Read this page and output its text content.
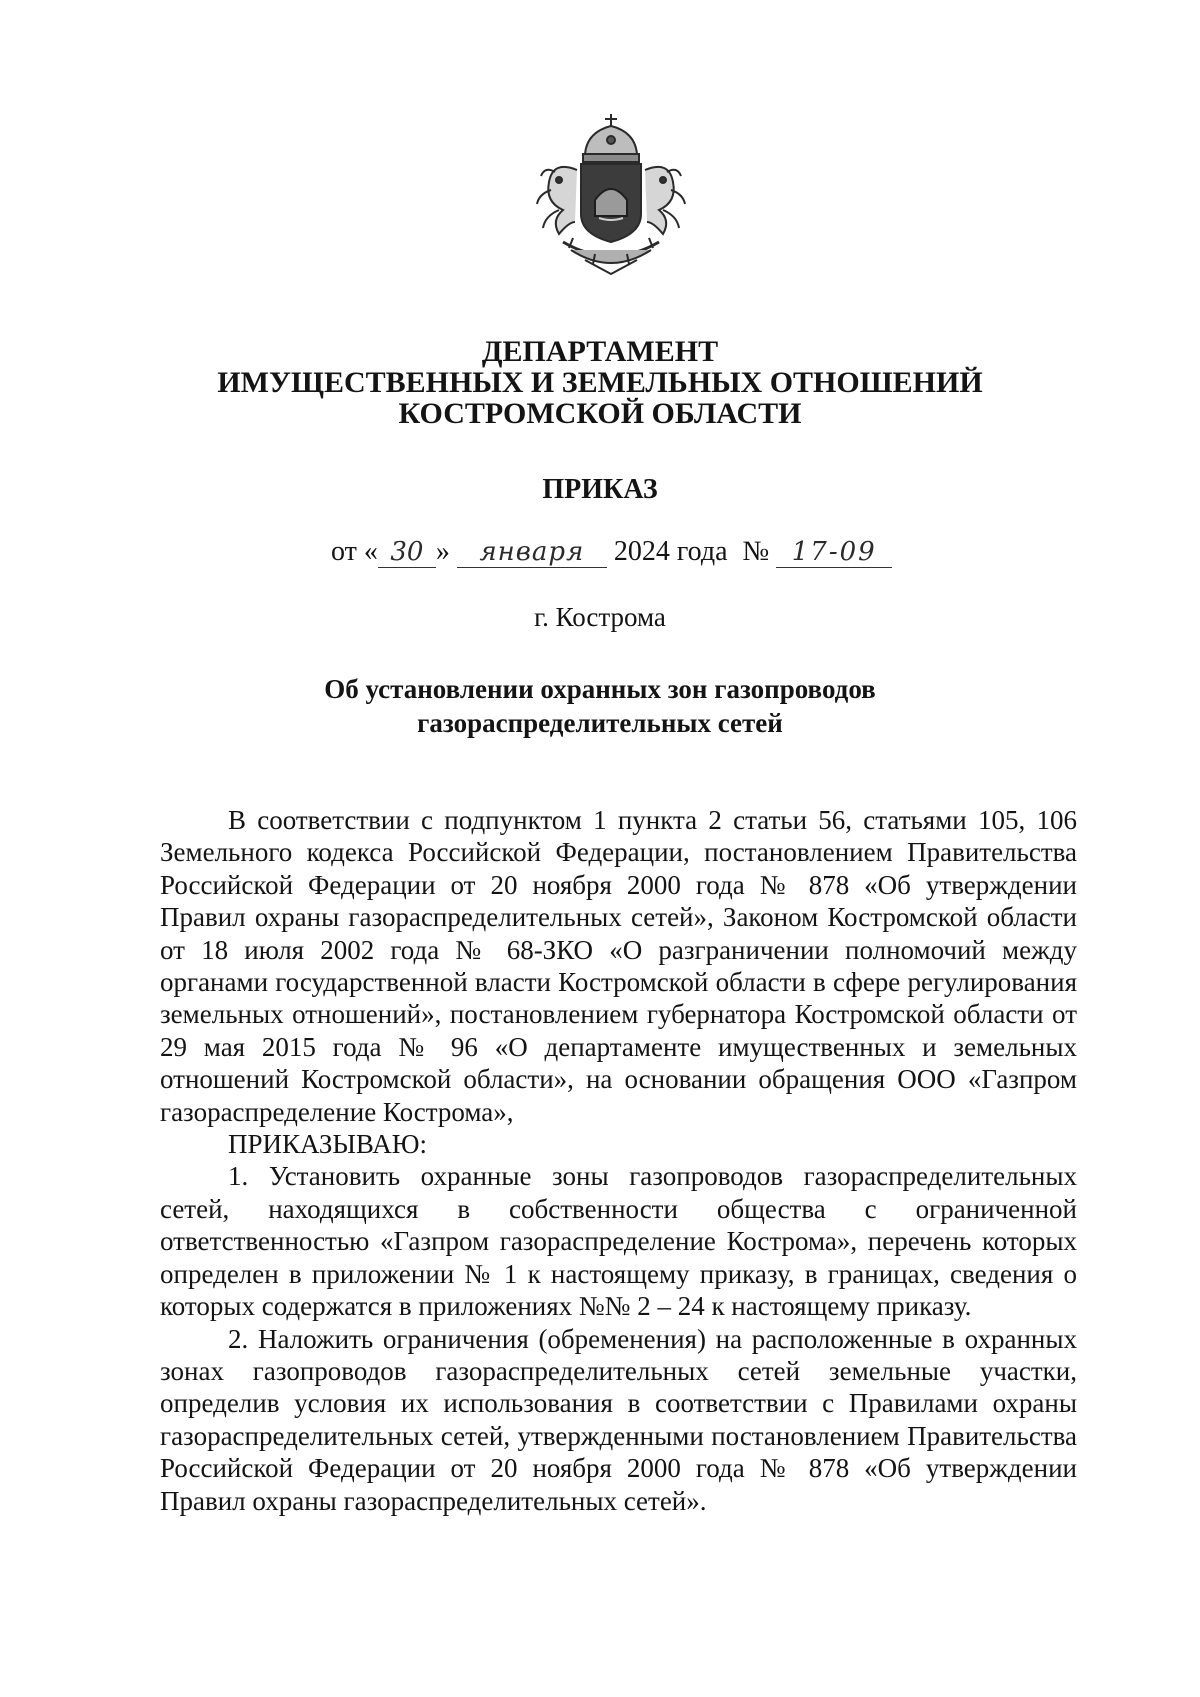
ДЕПАРТАМЕНТ
ИМУЩЕСТВЕННЫХ И ЗЕМЕЛЬНЫХ ОТНОШЕНИЙ
КОСТРОМСКОЙ ОБЛАСТИ
ПРИКАЗ
от « 30 » января 2024 года № 17-09
г. Кострома
Об установлении охранных зон газопроводов
газораспределительных сетей

В соответствии с подпунктом 1 пункта 2 статьи 56, статьями 105, 106 Земельного кодекса Российской Федерации, постановлением Правительства Российской Федерации от 20 ноября 2000 года № 878 «Об утверждении Правил охраны газораспределительных сетей», Законом Костромской области от 18 июля 2002 года № 68-ЗКО «О разграничении полномочий между органами государственной власти Костромской области в сфере регулирования земельных отношений», постановлением губернатора Костромской области от 29 мая 2015 года № 96 «О департаменте имущественных и земельных отношений Костромской области», на основании обращения ООО «Газпром газораспределение Кострома»,

ПРИКАЗЫВАЮ:

1. Установить охранные зоны газопроводов газораспределительных сетей, находящихся в собственности общества с ограниченной ответственностью «Газпром газораспределение Кострома», перечень которых определен в приложении № 1 к настоящему приказу, в границах, сведения о которых содержатся в приложениях №№ 2 – 24 к настоящему приказу.

2. Наложить ограничения (обременения) на расположенные в охранных зонах газопроводов газораспределительных сетей земельные участки, определив условия их использования в соответствии с Правилами охраны газораспределительных сетей, утвержденными постановлением Правительства Российской Федерации от 20 ноября 2000 года № 878 «Об утверждении Правил охраны газораспределительных сетей».
